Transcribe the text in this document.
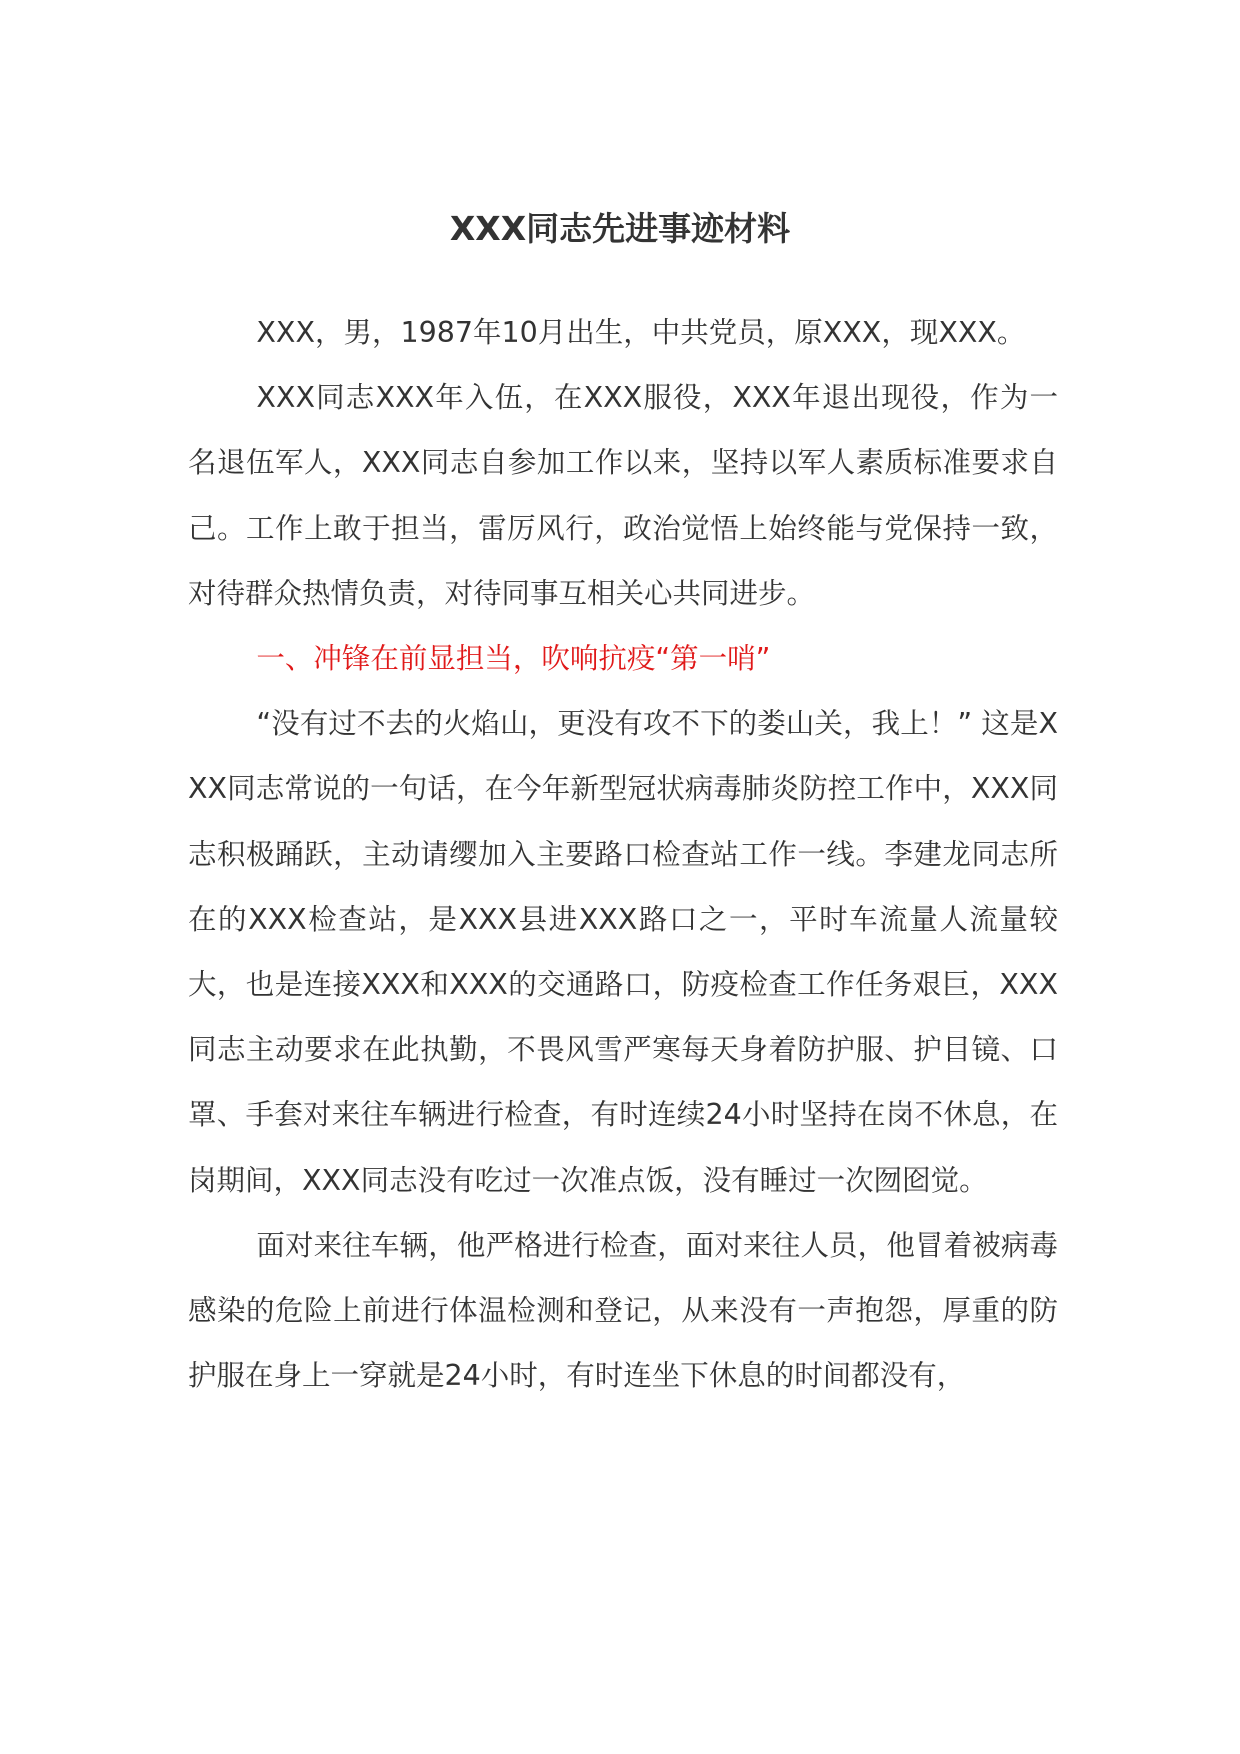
XXX同志先进事迹材料

XXX，男，1987年10月出生，中共党员，原XXX，现XXX。

XXX同志XXX年入伍，在XXX服役，XXX年退出现役，作为一名退伍军人，XXX同志自参加工作以来，坚持以军人素质标准要求自己。工作上敢于担当，雷厉风行，政治觉悟上始终能与党保持一致，对待群众热情负责，对待同事互相关心共同进步。

一、冲锋在前显担当，吹响抗疫“第一哨”

“没有过不去的火焰山，更没有攻不下的娄山关，我上！” 这是XXX同志常说的一句话，在今年新型冠状病毒肺炎防控工作中，XXX同志积极踊跃，主动请缨加入主要路口检查站工作一线。李建龙同志所在的XXX检查站，是XXX县进XXX路口之一，平时车流量人流量较大，也是连接XXX和XXX的交通路口，防疫检查工作任务艰巨，XXX同志主动要求在此执勤，不畏风雪严寒每天身着防护服、护目镜、口罩、手套对来往车辆进行检查，有时连续24小时坚持在岗不休息，在岗期间，XXX同志没有吃过一次准点饭，没有睡过一次囫囵觉。

面对来往车辆，他严格进行检查，面对来往人员，他冒着被病毒感染的危险上前进行体温检测和登记，从来没有一声抱怨，厚重的防护服在身上一穿就是24小时，有时连坐下休息的时间都没有，
